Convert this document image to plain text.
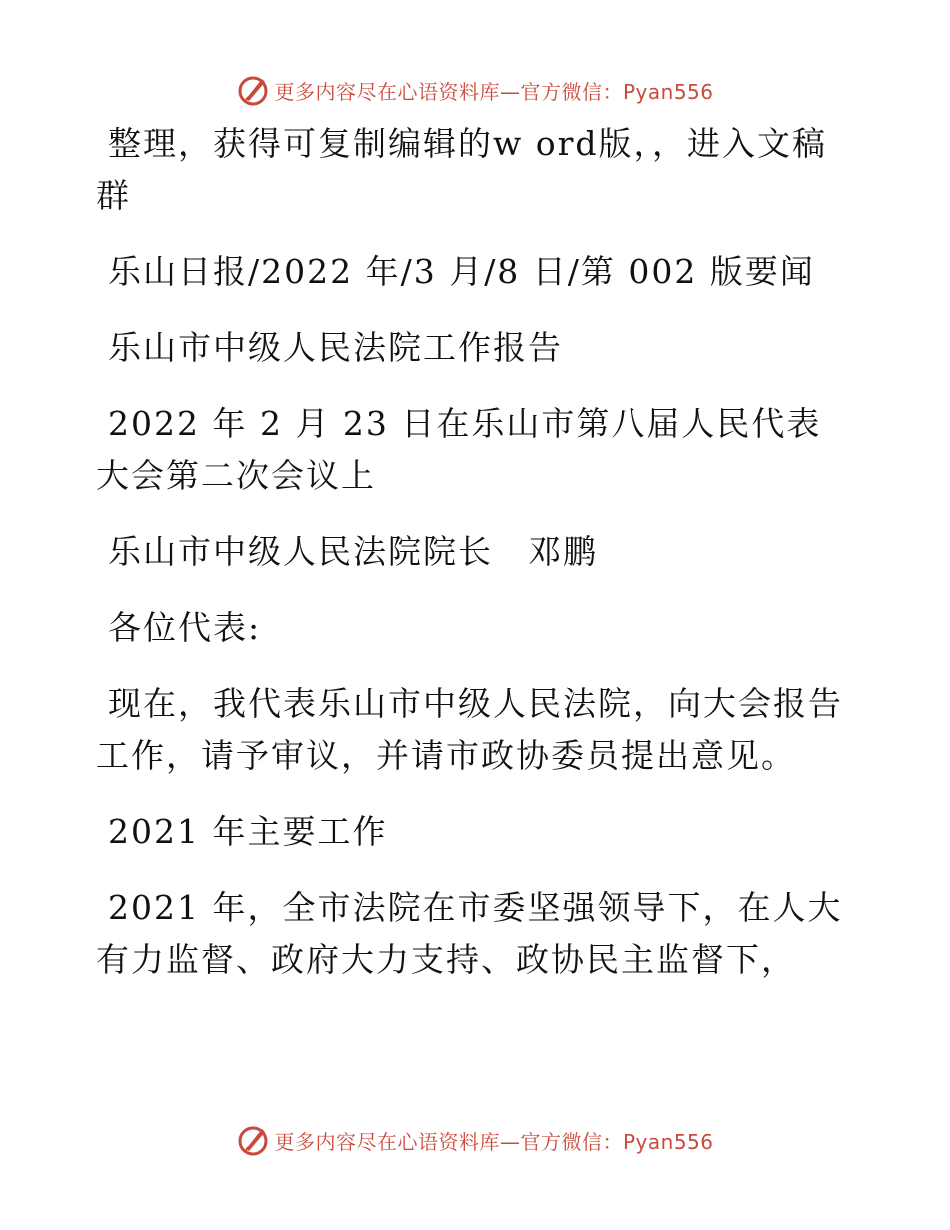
更多内容尽在心语资料库—官方微信：Pyan556

整理，获得可复制编辑的w ord版，，进入文稿群

乐山日报/2022 年/3 月/8 日/第 002 版要闻

乐山市中级人民法院工作报告

2022 年 2 月 23 日在乐山市第八届人民代表大会第二次会议上

乐山市中级人民法院院长　邓鹏

各位代表:

现在，我代表乐山市中级人民法院，向大会报告工作，请予审议，并请市政协委员提出意见。

2021 年主要工作

2021 年，全市法院在市委坚强领导下，在人大有力监督、政府大力支持、政协民主监督下，

更多内容尽在心语资料库—官方微信：Pyan556
